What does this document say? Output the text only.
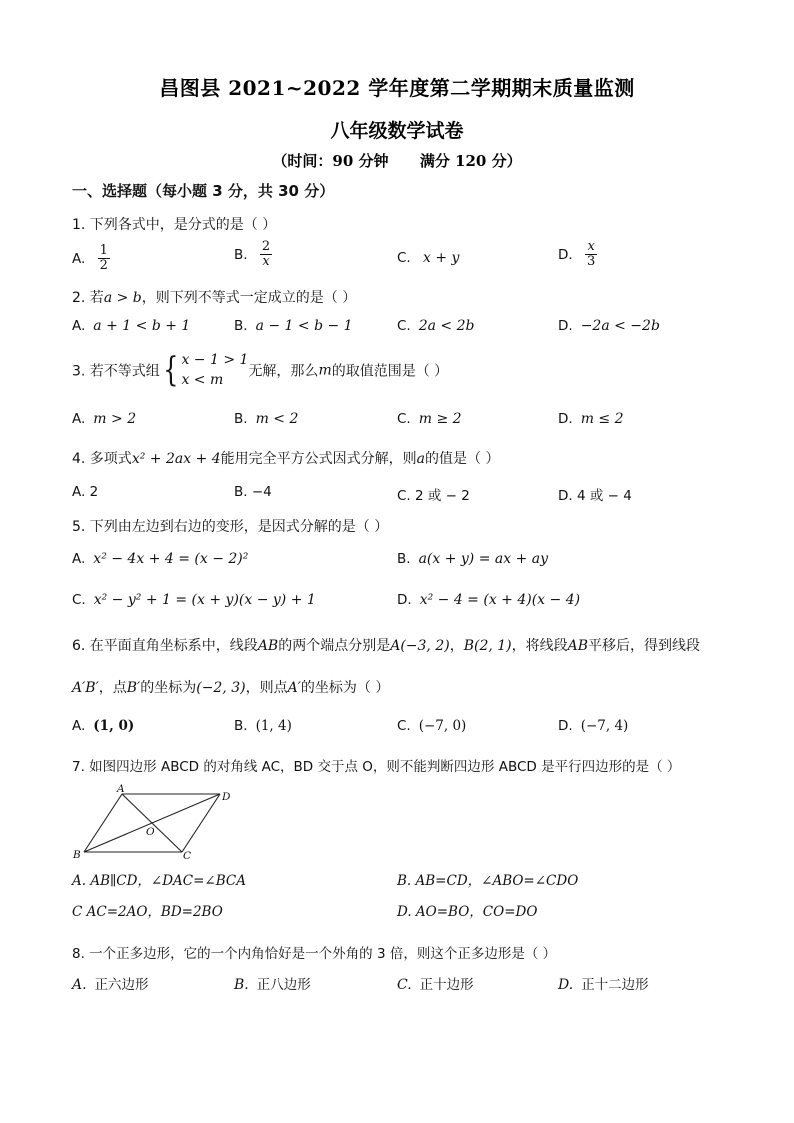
昌图县 2021~2022 学年度第二学期期末质量监测
八年级数学试卷
（时间：90 分钟      满分 120 分）
一、选择题（每小题 3 分，共 30 分）
1. 下列各式中，是分式的是（ ）
A. $\frac{1}{2}$	B. $\frac{2}{x}$	C. x + y	D. $\frac{x}{3}$
2. 若a > b，则下列不等式一定成立的是（ ）
A. a + 1 < b + 1	B. a − 1 < b − 1	C. 2a < 2b	D. −2a < −2b
3. 若不等式组{ x − 1 > 1
x < m
无解，那么m的取值范围是（ ）
A. m > 2	B. m < 2	C. m ≥ 2	D. m ≤ 2
4. 多项式x² + 2ax + 4能用完全平方公式因式分解，则a的值是（ ）
A. 2	B. −4	C. 2 或 − 2	D. 4 或 − 4
5. 下列由左边到右边的变形，是因式分解的是（ ）
A. x² − 4x + 4 = (x − 2)²	B. a(x + y) = ax + ay
C. x² − y² + 1 = (x + y)(x − y) + 1	D. x² − 4 = (x + 4)(x − 4)
6. 在平面直角坐标系中，线段AB的两个端点分别是A(−3, 2)，B(2, 1)，将线段AB平移后，得到线段
A′B′，点B′的坐标为(−2, 3)，则点A′的坐标为（ ）
A. (1, 0)	B. (1, 4)	C. (−7, 0)	D. (−7, 4)
7. 如图四边形 ABCD 的对角线 AC，BD 交于点 O，则不能判断四边形 ABCD 是平行四边形的是（ ）
A
D
B	C
O
A. AB∥CD，∠DAC=∠BCA	B. AB=CD，∠ABO=∠CDO
C AC=2AO，BD=2BO	D. AO=BO，CO=DO
8. 一个正多边形，它的一个内角恰好是一个外角的 3 倍，则这个正多边形是（ ）
A. 正六边形	B. 正八边形	C. 正十边形	D. 正十二边形
